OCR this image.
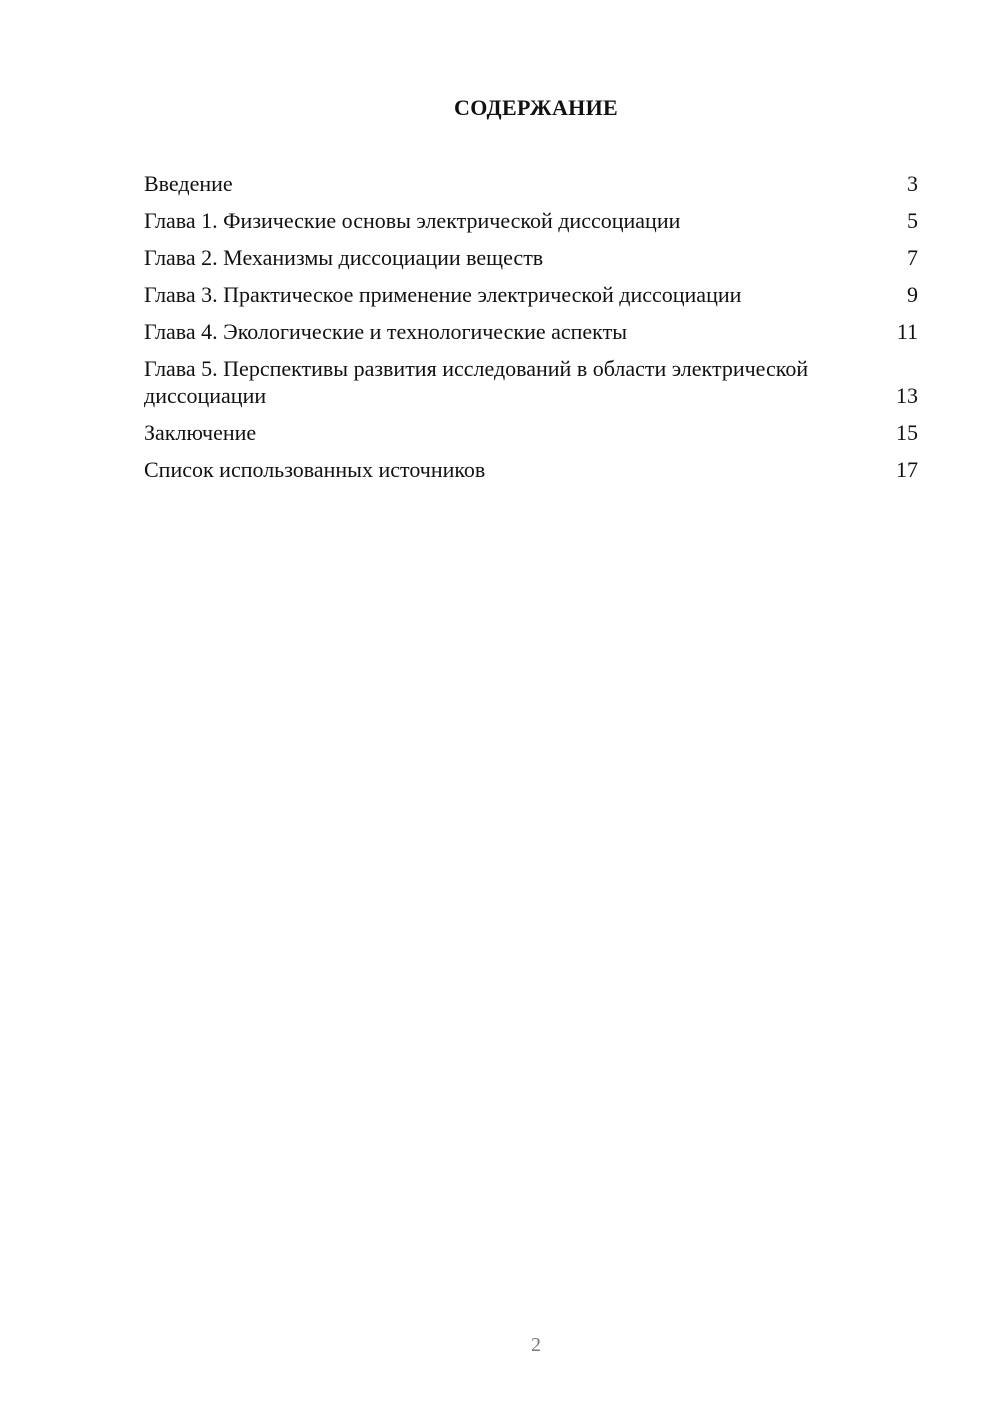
СОДЕРЖАНИЕ
Введение	3
Глава 1. Физические основы электрической диссоциации	5
Глава 2. Механизмы диссоциации веществ	7
Глава 3. Практическое применение электрической диссоциации	9
Глава 4. Экологические и технологические аспекты	11
Глава 5. Перспективы развития исследований в области электрической диссоциации	13
Заключение	15
Список использованных источников	17
2
